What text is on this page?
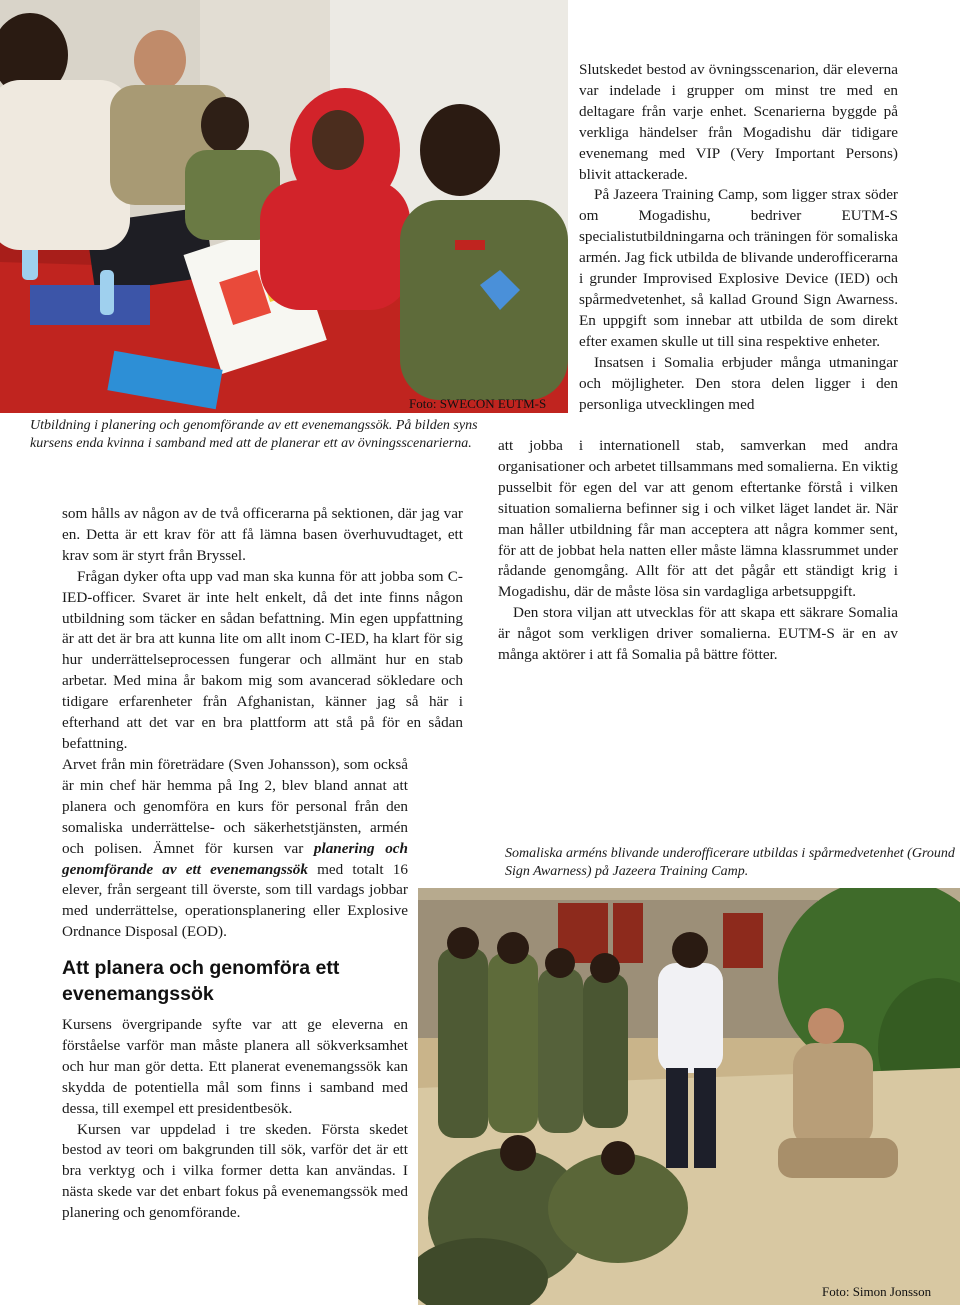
Foto: SWECON EUTM-S
Utbildning i planering och genomförande av ett evenemangssök. På bilden syns kursens enda kvinna i samband med att de planerar ett av övningsscenarierna.

som hålls av någon av de två officerarna på sektionen, där jag var en. Detta är ett krav för att få lämna basen överhuvudtaget, ett krav som är styrt från Bryssel.

Frågan dyker ofta upp vad man ska kunna för att jobba som C-IED-officer. Svaret är inte helt enkelt, då det inte finns någon utbildning som täcker en sådan befattning. Min egen uppfattning är att det är bra att kunna lite om allt inom C-IED, ha klart för sig hur underrättelseprocessen fungerar och allmänt hur en stab arbetar. Med mina år bakom mig som avancerad sökledare och tidigare erfarenheter från Afghanistan, känner jag så här i efterhand att det var en bra plattform att stå på för en sådan befattning.

Arvet från min företrädare (Sven Johansson), som också är min chef här hemma på Ing 2, blev bland annat att planera och genomföra en kurs för personal från den somaliska underrättelse- och säkerhetstjänsten, armén och polisen. Ämnet för kursen var planering och genomförande av ett evenemangssök med totalt 16 elever, från sergeant till överste, som till vardags jobbar med underrättelse, operationsplanering eller Explosive Ordnance Disposal (EOD).

Att planera och genomföra ett evenemangssök

Kursens övergripande syfte var att ge eleverna en förståelse varför man måste planera all sökverksamhet och hur man gör detta. Ett planerat evenemangssök kan skydda de potentiella mål som finns i samband med dessa, till exempel ett presidentbesök.

Kursen var uppdelad i tre skeden. Första skedet bestod av teori om bakgrunden till sök, varför det är ett bra verktyg och i vilka former detta kan användas. I nästa skede var det enbart fokus på evenemangssök med planering och genomförande.

Slutskedet bestod av övningsscenarion, där eleverna var indelade i grupper om minst tre med en deltagare från varje enhet. Scenarierna byggde på verkliga händelser från Mogadishu där tidigare evenemang med VIP (Very Important Persons) blivit attackerade.

På Jazeera Training Camp, som ligger strax söder om Mogadishu, bedriver EUTM-S specialistutbildningarna och träningen för somaliska armén. Jag fick utbilda de blivande underofficerarna i grunder Improvised Explosive Device (IED) och spårmedvetenhet, så kallad Ground Sign Awarness. En uppgift som innebar att utbilda de som direkt efter examen skulle ut till sina respektive enheter.

Insatsen i Somalia erbjuder många utmaningar och möjligheter. Den stora delen ligger i den personliga utvecklingen med

att jobba i internationell stab, samverkan med andra organisationer och arbetet tillsammans med somalierna. En viktig pusselbit för egen del var att genom eftertanke förstå i vilken situation somalierna befinner sig i och vilket läget landet är. När man håller utbildning får man acceptera att några kommer sent, för att de jobbat hela natten eller måste lämna klassrummet under rådande genomgång. Allt för att det pågår ett ständigt krig i Mogadishu, där de måste lösa sin vardagliga arbetsuppgift.

Den stora viljan att utvecklas för att skapa ett säkrare Somalia är något som verkligen driver somalierna. EUTM-S är en av många aktörer i att få Somalia på bättre fötter.

Somaliska arméns blivande underofficerare utbildas i spårmedvetenhet (Ground Sign Awarness) på Jazeera Training Camp.
Foto: Simon Jonsson
